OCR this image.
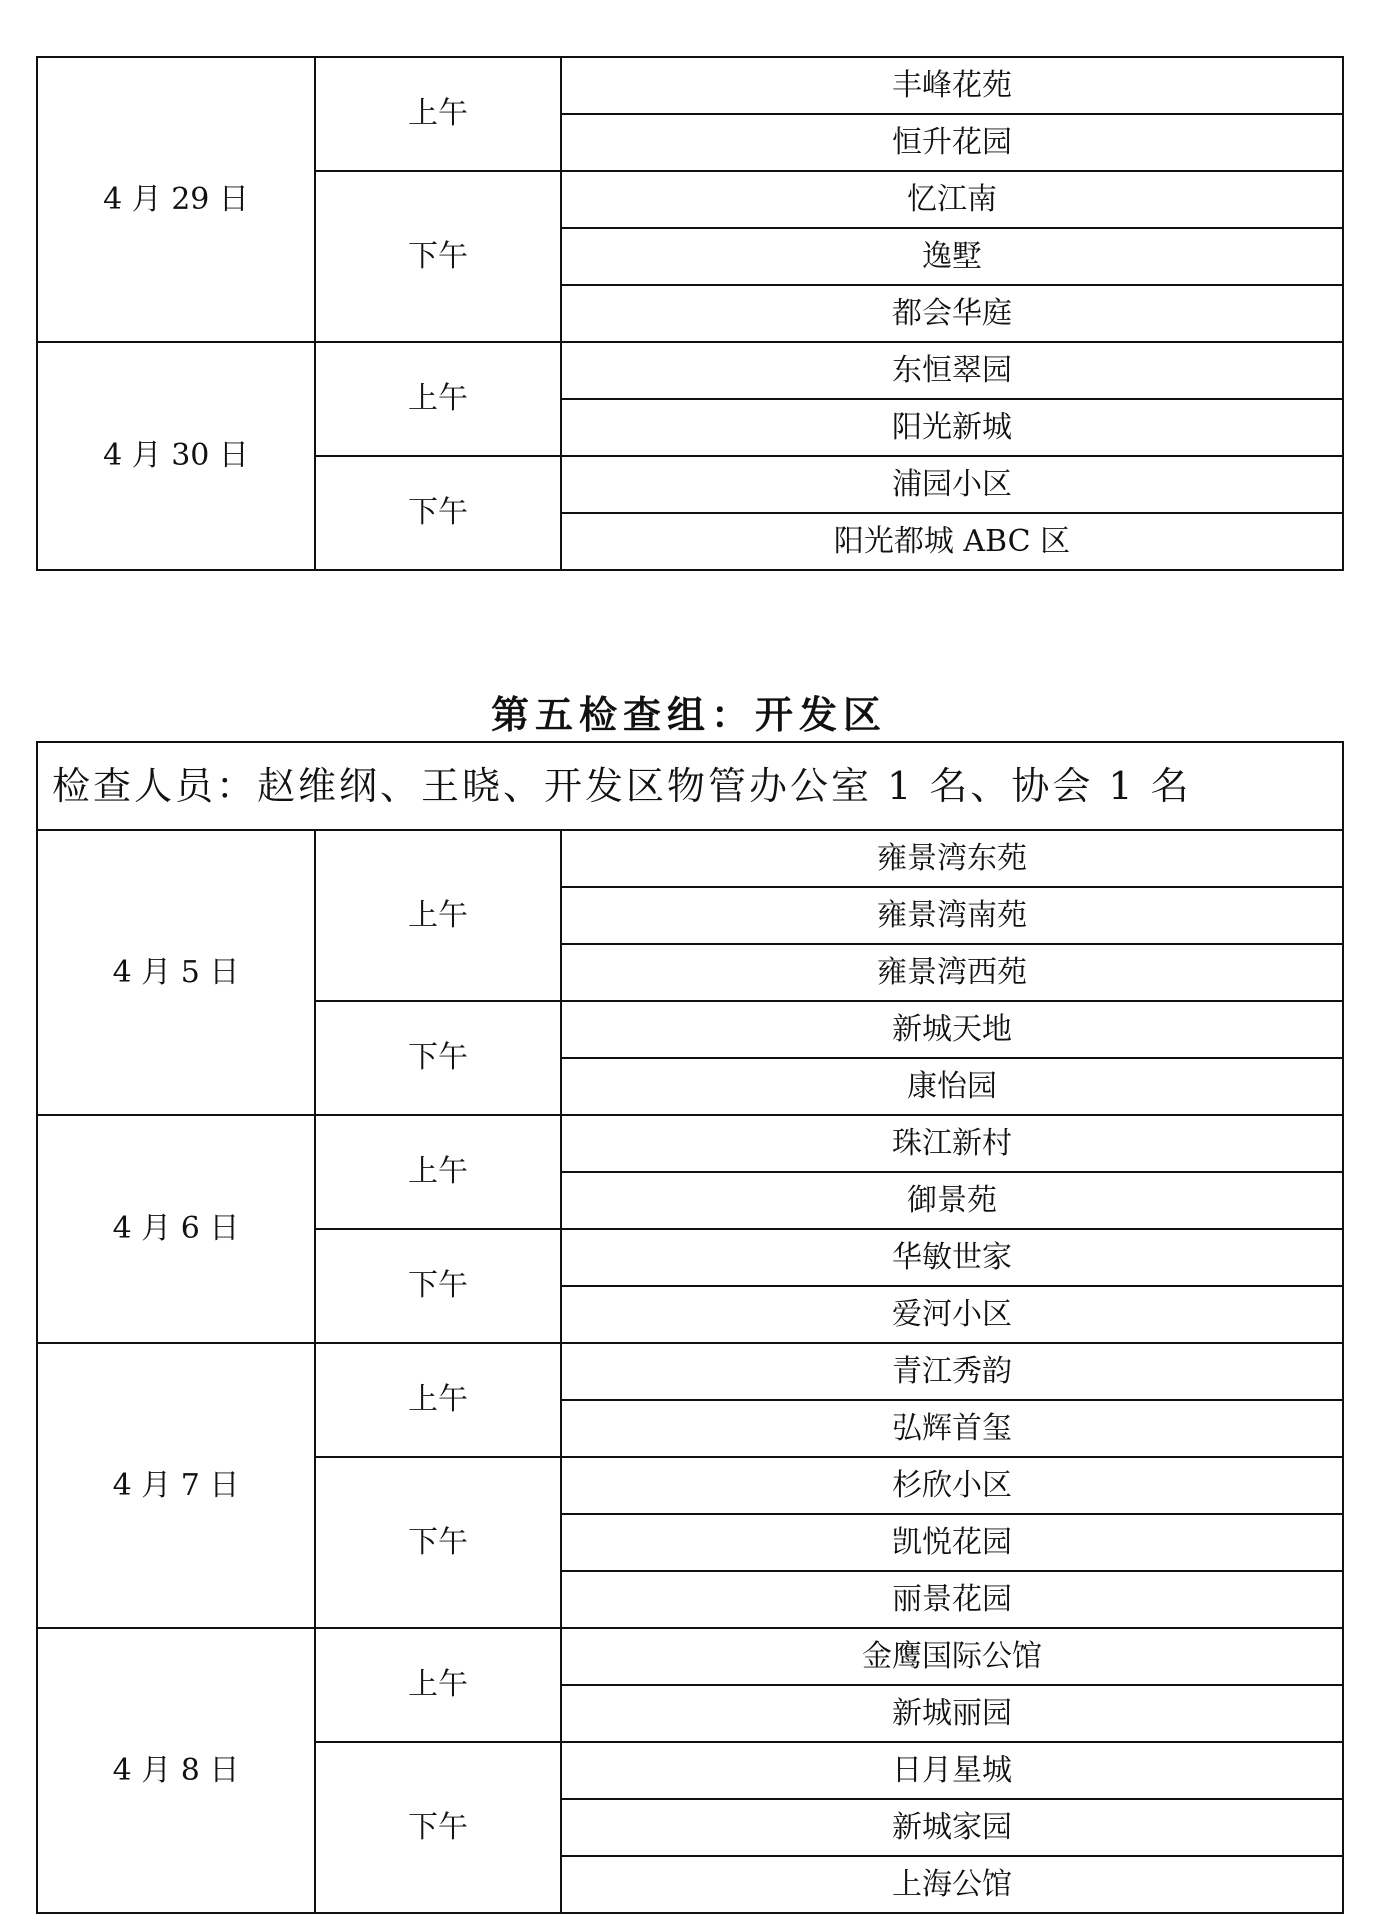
4 月 29 日	上午	丰峰花苑
		恒升花园
	下午	忆江南
		逸墅
		都会华庭
4 月 30 日	上午	东恒翠园
		阳光新城
	下午	浦园小区
		阳光都城 ABC 区
第五检查组：开发区
检查人员：赵维纲、王晓、开发区物管办公室 1 名、协会 1 名		
4 月 5 日	上午	雍景湾东苑
		雍景湾南苑
		雍景湾西苑
	下午	新城天地
		康怡园
4 月 6 日	上午	珠江新村
		御景苑
	下午	华敏世家
		爱河小区
4 月 7 日	上午	青江秀韵
		弘辉首玺
	下午	杉欣小区
		凯悦花园
		丽景花园
4 月 8 日	上午	金鹰国际公馆
		新城丽园
	下午	日月星城
		新城家园
		上海公馆
